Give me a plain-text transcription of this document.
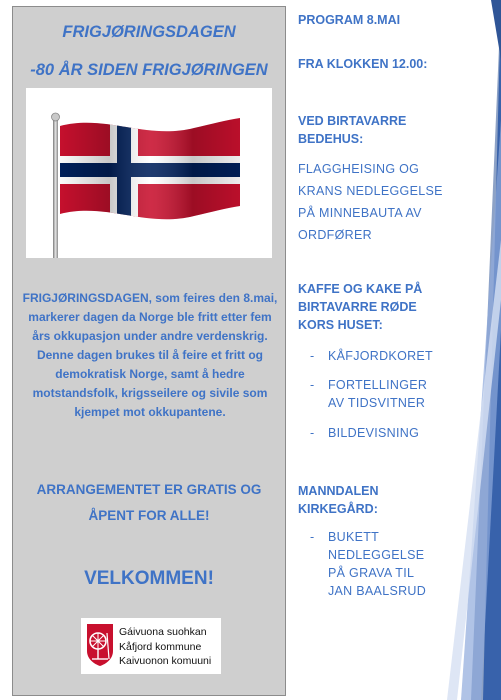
FRIGJØRINGSDAGEN
-80 ÅR SIDEN FRIGJØRINGEN
FRIGJØRINGSDAGEN, som feires den 8.mai, markerer dagen da Norge ble fritt etter fem års okkupasjon under andre verdenskrig. Denne dagen brukes til å feire et fritt og demokratisk Norge, samt å hedre motstandsfolk, krigsseilere og sivile som kjempet mot okkupantene.
ARRANGEMENTET ER GRATIS OG
ÅPENT FOR ALLE!
VELKOMMEN!
Gáivuona suohkan
Kåfjord kommune
Kaivuonon komuuni
PROGRAM 8.MAI
FRA KLOKKEN 12.00:
VED BIRTAVARRE
BEDEHUS:
FLAGGHEISING OG
KRANS NEDLEGGELSE
PÅ MINNEBAUTA AV
ORDFØRER
KAFFE OG KAKE PÅ
BIRTAVARRE RØDE
KORS HUSET:
- KÅFJORDKORET
- FORTELLINGER
AV TIDSVITNER
- BILDEVISNING
MANNDALEN
KIRKEGÅRD:
- BUKETT
NEDLEGGELSE
PÅ GRAVA TIL
JAN BAALSRUD
